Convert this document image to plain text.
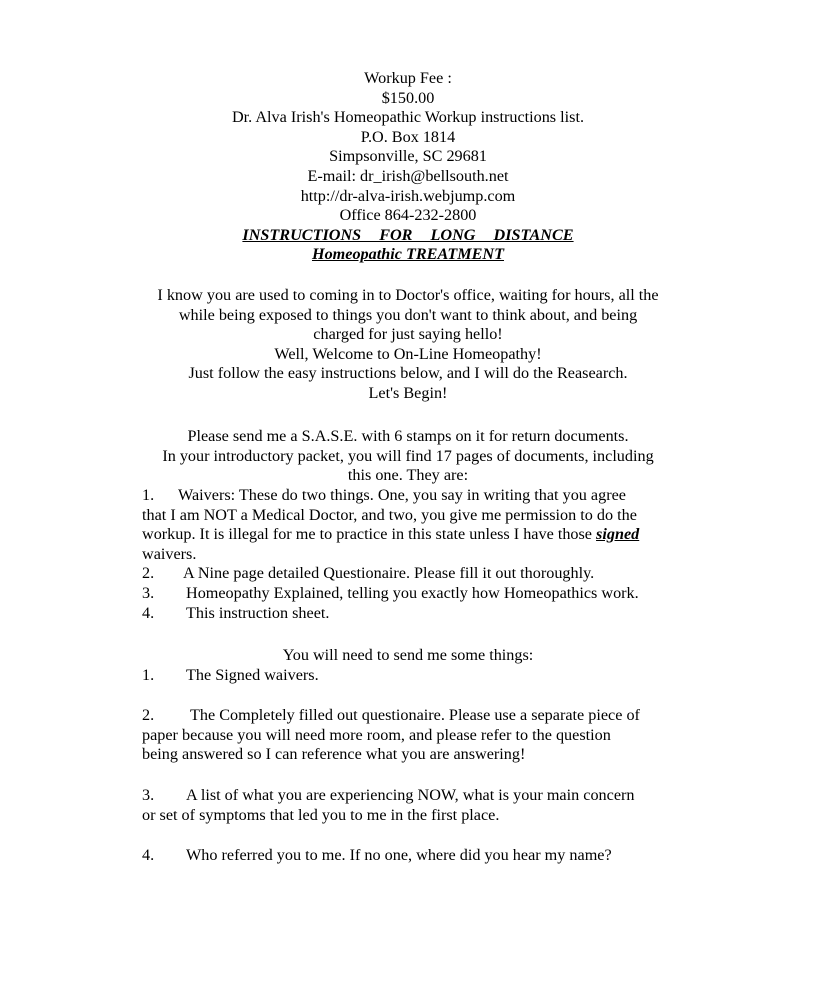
Workup Fee :
$150.00
Dr. Alva Irish's Homeopathic Workup instructions list.
P.O. Box 1814
Simpsonville, SC 29681
E-mail: dr_irish@bellsouth.net
http://dr-alva-irish.webjump.com
Office 864-232-2800
INSTRUCTIONS FOR LONG DISTANCE
Homeopathic TREATMENT
I know you are used to coming in to Doctor's office, waiting for hours, all the
while being exposed to things you don't want to think about, and being
charged for just saying hello!
Well, Welcome to On-Line Homeopathy!
Just follow the easy instructions below, and I will do the Reasearch.
Let's Begin!
Please send me a S.A.S.E. with 6 stamps on it for return documents.
In your introductory packet, you will find 17 pages of documents, including
this one. They are:
1. Waivers: These do two things. One, you say in writing that you agree
that I am NOT a Medical Doctor, and two, you give me permission to do the
workup. It is illegal for me to practice in this state unless I have those signed
waivers.
2. A Nine page detailed Questionaire. Please fill it out thoroughly.
3. Homeopathy Explained, telling you exactly how Homeopathics work.
4. This instruction sheet.
You will need to send me some things:
1. The Signed waivers.
2. The Completely filled out questionaire. Please use a separate piece of
paper because you will need more room, and please refer to the question
being answered so I can reference what you are answering!
3. A list of what you are experiencing NOW, what is your main concern
or set of symptoms that led you to me in the first place.
4. Who referred you to me. If no one, where did you hear my name?
